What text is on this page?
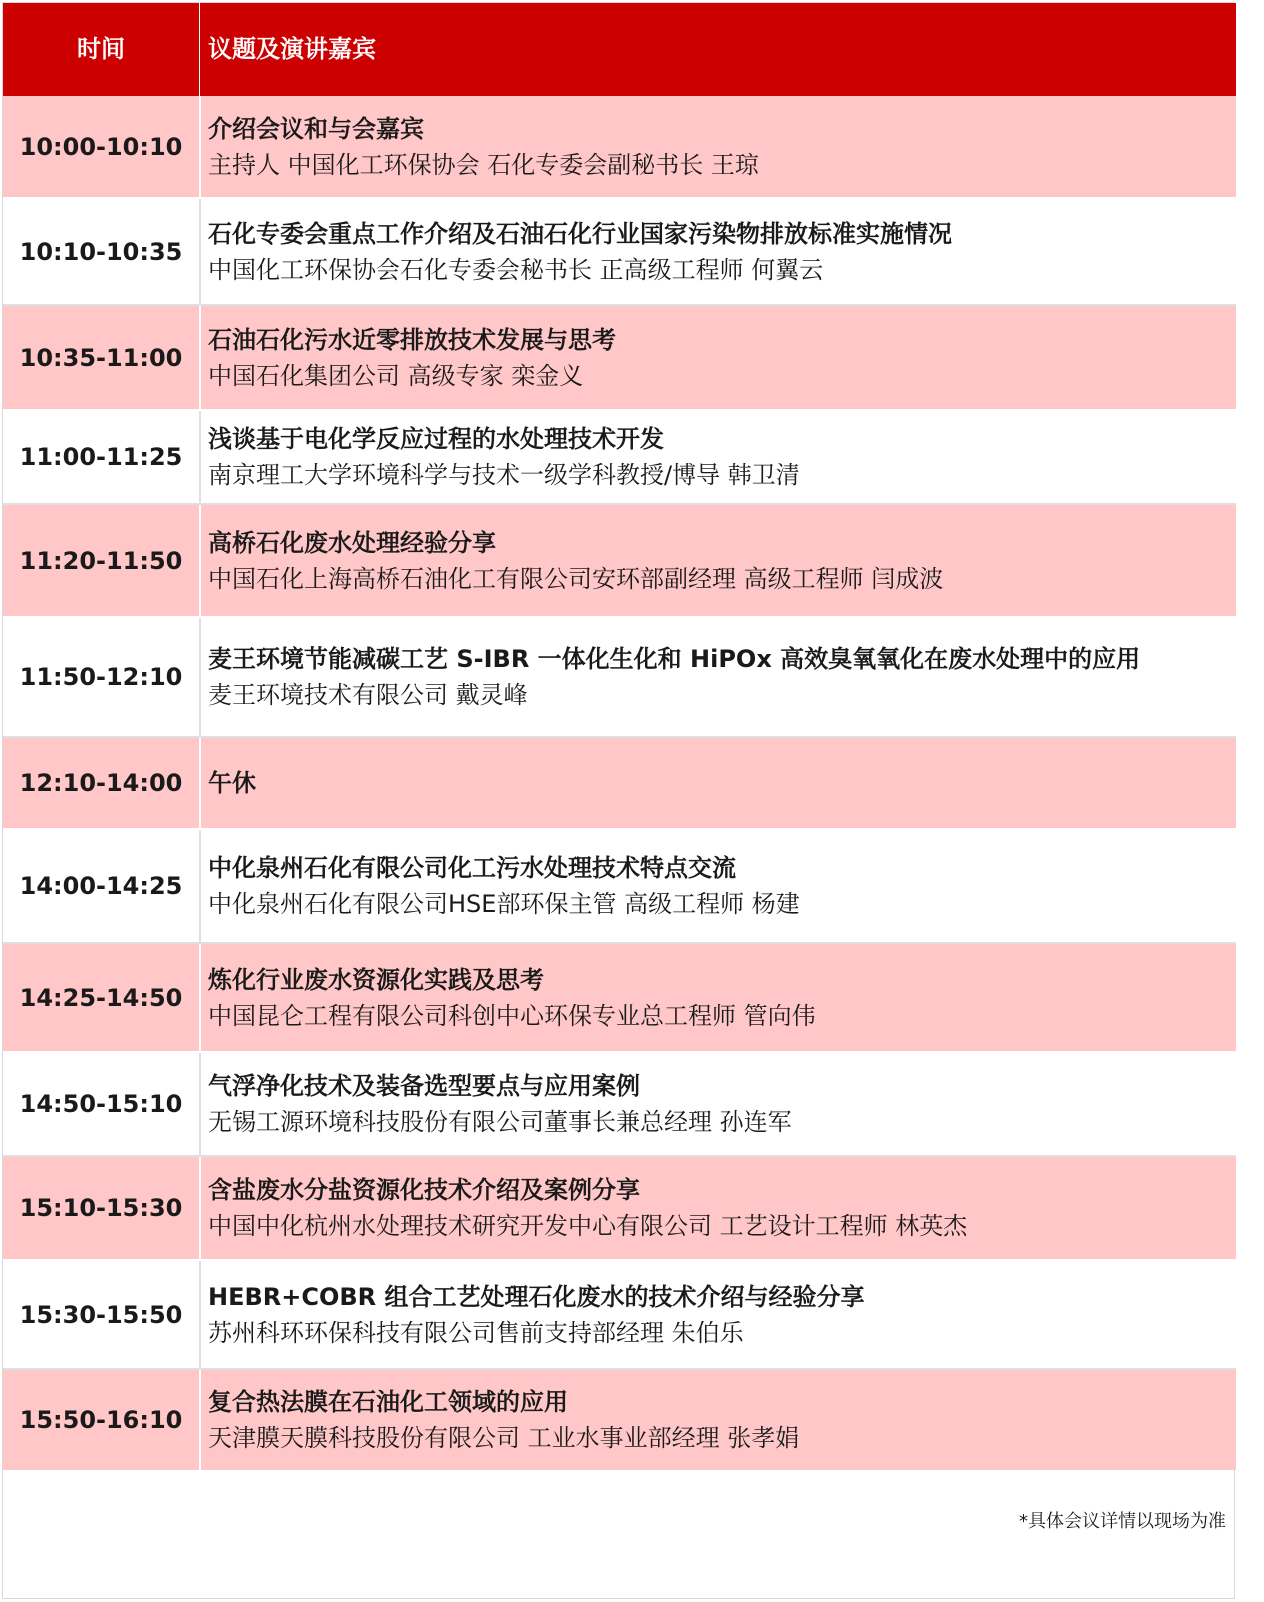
时间	议题及演讲嘉宾
10:00-10:10
介绍会议和与会嘉宾
主持人 中国化工环保协会 石化专委会副秘书长 王琼
10:10-10:35
石化专委会重点工作介绍及石油石化行业国家污染物排放标准实施情况
中国化工环保协会石化专委会秘书长 正高级工程师 何翼云
10:35-11:00
石油石化污水近零排放技术发展与思考
中国石化集团公司 高级专家 栾金义
11:00-11:25
浅谈基于电化学反应过程的水处理技术开发
南京理工大学环境科学与技术一级学科教授/博导 韩卫清
11:20-11:50
高桥石化废水处理经验分享
中国石化上海高桥石油化工有限公司安环部副经理 高级工程师 闫成波
11:50-12:10
麦王环境节能减碳工艺 S-IBR 一体化生化和 HiPOx 高效臭氧氧化在废水处理中的应用
麦王环境技术有限公司 戴灵峰
12:10-14:00	午休
14:00-14:25
中化泉州石化有限公司化工污水处理技术特点交流
中化泉州石化有限公司HSE部环保主管 高级工程师 杨建
14:25-14:50
炼化行业废水资源化实践及思考
中国昆仑工程有限公司科创中心环保专业总工程师 管向伟
14:50-15:10
气浮净化技术及装备选型要点与应用案例
无锡工源环境科技股份有限公司董事长兼总经理 孙连军
15:10-15:30
含盐废水分盐资源化技术介绍及案例分享
中国中化杭州水处理技术研究开发中心有限公司 工艺设计工程师 林英杰
15:30-15:50
HEBR+COBR 组合工艺处理石化废水的技术介绍与经验分享
苏州科环环保科技有限公司售前支持部经理 朱伯乐
15:50-16:10
复合热法膜在石油化工领域的应用
天津膜天膜科技股份有限公司 工业水事业部经理 张孝娟
*具体会议详情以现场为准
